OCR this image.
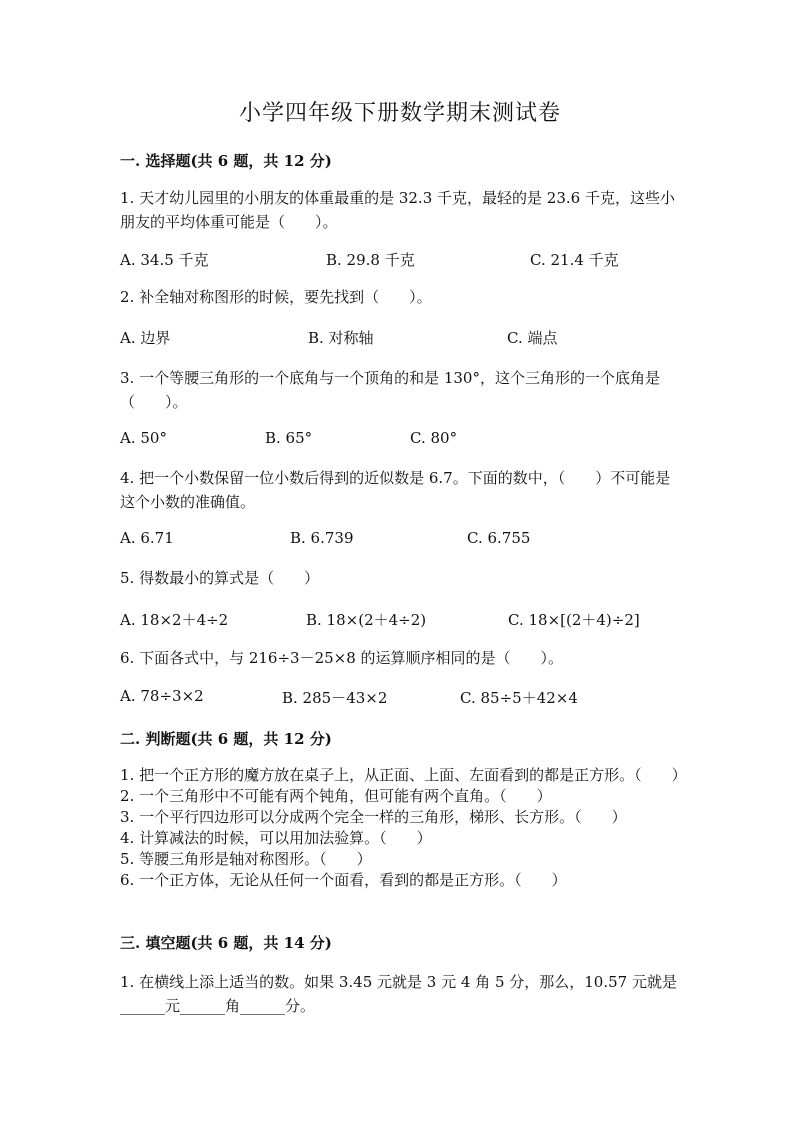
小学四年级下册数学期末测试卷
一. 选择题(共 6 题，共 12 分)
1. 天才幼儿园里的小朋友的体重最重的是 32.3 千克，最轻的是 23.6 千克，这些小朋友的平均体重可能是（　　）。
A. 34.5 千克	B. 29.8 千克	C. 21.4 千克
2. 补全轴对称图形的时候，要先找到（　　）。
A. 边界	B. 对称轴	C. 端点
3. 一个等腰三角形的一个底角与一个顶角的和是 130°，这个三角形的一个底角是（　　）。
A. 50°	B. 65°	C. 80°
4. 把一个小数保留一位小数后得到的近似数是 6.7。下面的数中，（　　）不可能是这个小数的准确值。
A. 6.71	B. 6.739	C. 6.755
5. 得数最小的算式是（　　）
A. 18×2＋4÷2	B. 18×(2＋4÷2)	C. 18×[(2＋4)÷2]
6. 下面各式中，与 216÷3－25×8 的运算顺序相同的是（　　）。
A. 78÷3×2	B. 285－43×2	C. 85÷5＋42×4
二. 判断题(共 6 题，共 12 分)
1. 把一个正方形的魔方放在桌子上，从正面、上面、左面看到的都是正方形。（　　）
2. 一个三角形中不可能有两个钝角，但可能有两个直角。（　　）
3. 一个平行四边形可以分成两个完全一样的三角形，梯形、长方形。（　　）
4. 计算减法的时候，可以用加法验算。（　　）
5. 等腰三角形是轴对称图形。（　　）
6. 一个正方体，无论从任何一个面看，看到的都是正方形。（　　）
三. 填空题(共 6 题，共 14 分)
1. 在横线上添上适当的数。如果 3.45 元就是 3 元 4 角 5 分，那么，10.57 元就是______元______角______分。
